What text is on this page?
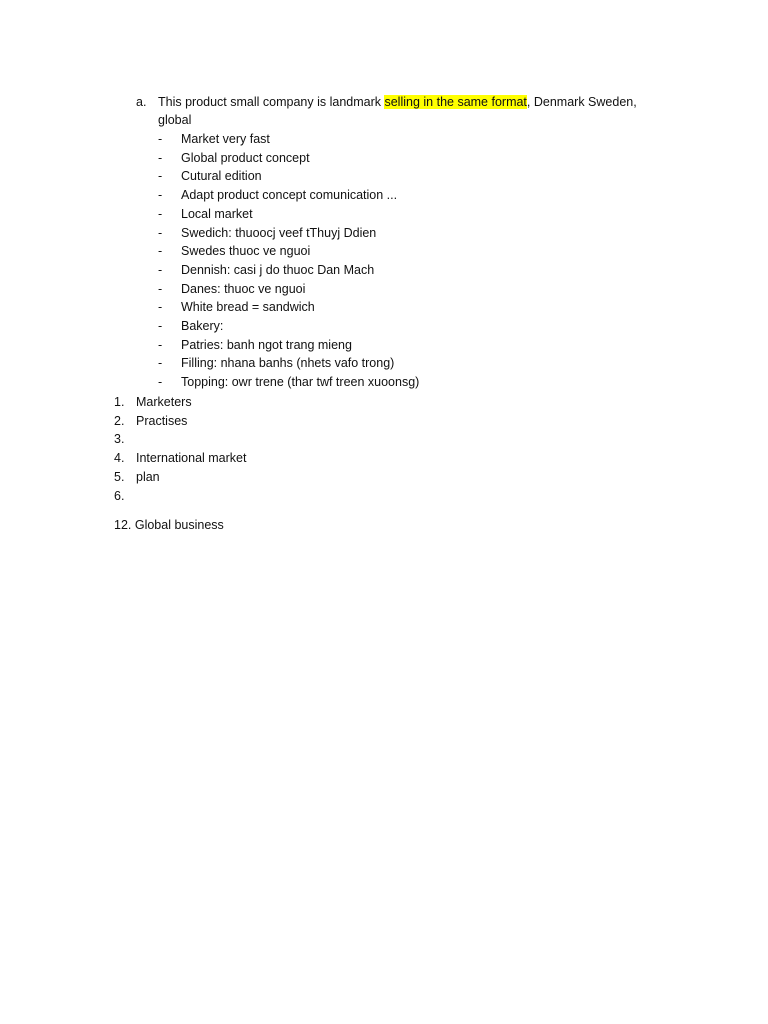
a. This product small company is landmark selling in the same format, Denmark Sweden,
global
- Market very fast
- Global product concept
- Cutural edition
- Adapt product concept comunication ...
- Local market
- Swedich: thuoocj veef tThuyj Ddien
- Swedes thuoc ve nguoi
- Dennish: casi j do thuoc Dan Mach
- Danes: thuoc ve nguoi
- White bread = sandwich
- Bakery:
- Patries: banh ngot trang mieng
- Filling: nhana banhs (nhets vafo trong)
- Topping: owr trene (thar twf treen xuoonsg)
1. Marketers
2. Practises
3.
4. International market
5. plan
6.
12. Global business
